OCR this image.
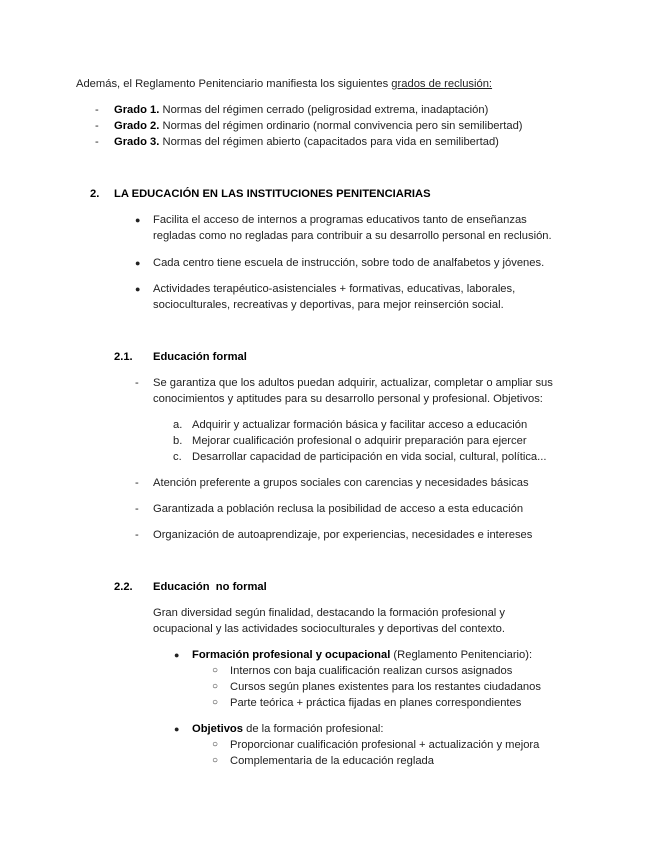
Además, el Reglamento Penitenciario manifiesta los siguientes grados de reclusión:
- Grado 1. Normas del régimen cerrado (peligrosidad extrema, inadaptación)
- Grado 2. Normas del régimen ordinario (normal convivencia pero sin semilibertad)
- Grado 3. Normas del régimen abierto (capacitados para vida en semilibertad)
2. LA EDUCACIÓN EN LAS INSTITUCIONES PENITENCIARIAS
● Facilita el acceso de internos a programas educativos tanto de enseñanzas
regladas como no regladas para contribuir a su desarrollo personal en reclusión.
● Cada centro tiene escuela de instrucción, sobre todo de analfabetos y jóvenes.
● Actividades terapéutico-asistenciales + formativas, educativas, laborales,
socioculturales, recreativas y deportivas, para mejor reinserción social.
2.1. Educación formal
- Se garantiza que los adultos puedan adquirir, actualizar, completar o ampliar sus
conocimientos y aptitudes para su desarrollo personal y profesional. Objetivos:
a. Adquirir y actualizar formación básica y facilitar acceso a educación
b. Mejorar cualificación profesional o adquirir preparación para ejercer
c. Desarrollar capacidad de participación en vida social, cultural, política...
- Atención preferente a grupos sociales con carencias y necesidades básicas
- Garantizada a población reclusa la posibilidad de acceso a esta educación
- Organización de autoaprendizaje, por experiencias, necesidades e intereses
2.2. Educación  no formal
Gran diversidad según finalidad, destacando la formación profesional y
ocupacional y las actividades socioculturales y deportivas del contexto.
● Formación profesional y ocupacional (Reglamento Penitenciario):
○ Internos con baja cualificación realizan cursos asignados
○ Cursos según planes existentes para los restantes ciudadanos
○ Parte teórica + práctica fijadas en planes correspondientes
● Objetivos de la formación profesional:
○ Proporcionar cualificación profesional + actualización y mejora
○ Complementaria de la educación reglada
